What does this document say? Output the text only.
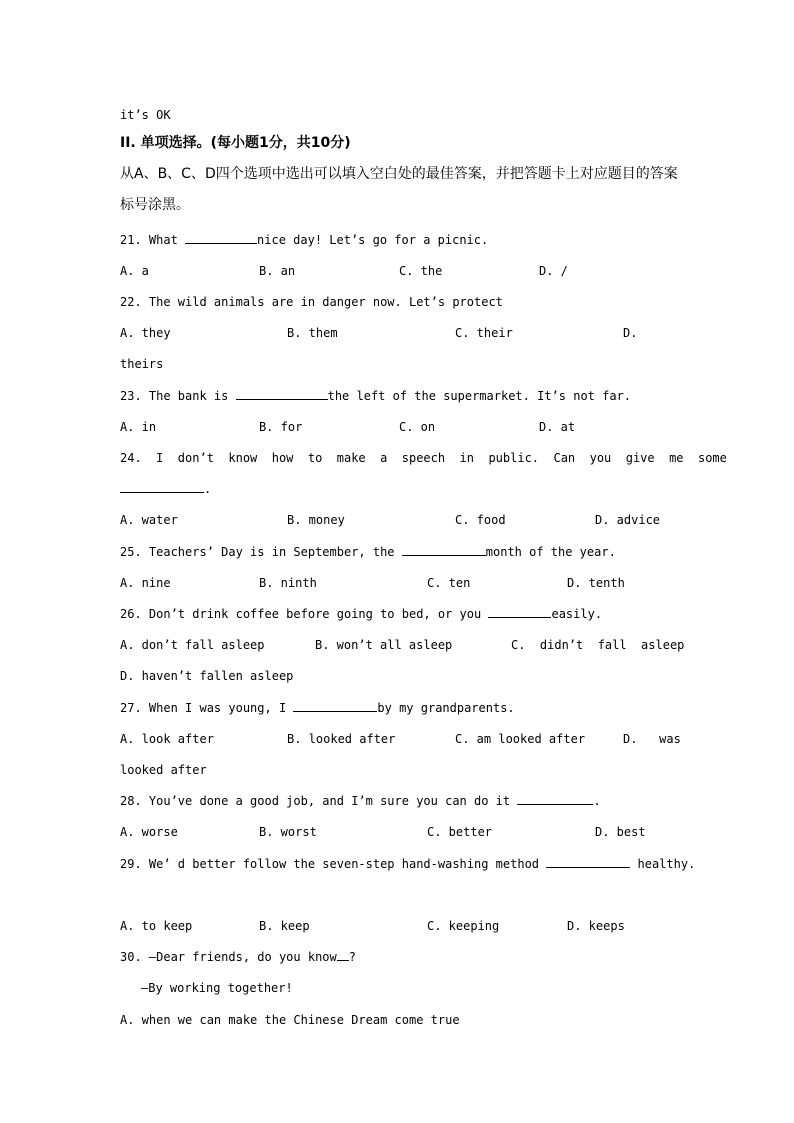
it’s OK
II. 单项选择。(每小题1分，共10分)
从A、B、C、D四个选项中选出可以填入空白处的最佳答案，并把答题卡上对应题目的答案
标号涂黑。
21. What	nice day! Let’s go for a picnic.
A. a	B. an	C. the	D. /
22. The wild animals are in danger now. Let’s protect
A. they	B. them	C. their	D.
theirs
23. The bank is	the left of the supermarket. It’s not far.
A. in	B. for	C. on	D. at
24.  I  don’t  know  how  to  make  a  speech  in  public.  Can  you  give  me  some
.
A. water	B. money	C. food	D. advice
25. Teachers’ Day is in September, the	month of the year.
A. nine	B. ninth	C. ten	D. tenth
26. Don’t drink coffee before going to bed, or you	easily.
A. don’t fall asleep	B. won’t all asleep	C.  didn’t  fall  asleep
D. haven’t fallen asleep
27. When I was young, I	by my grandparents.
A. look after	B. looked after	C. am looked after	D.   was
looked after
28. You’ve done a good job, and I’m sure you can do it	.
A. worse	B. worst	C. better	D. best
29. We’ d better follow the seven-step hand-washing method	healthy.
A. to keep	B. keep	C. keeping	D. keeps
30. —Dear friends, do you know ?
—By working together!
A. when we can make the Chinese Dream come true
